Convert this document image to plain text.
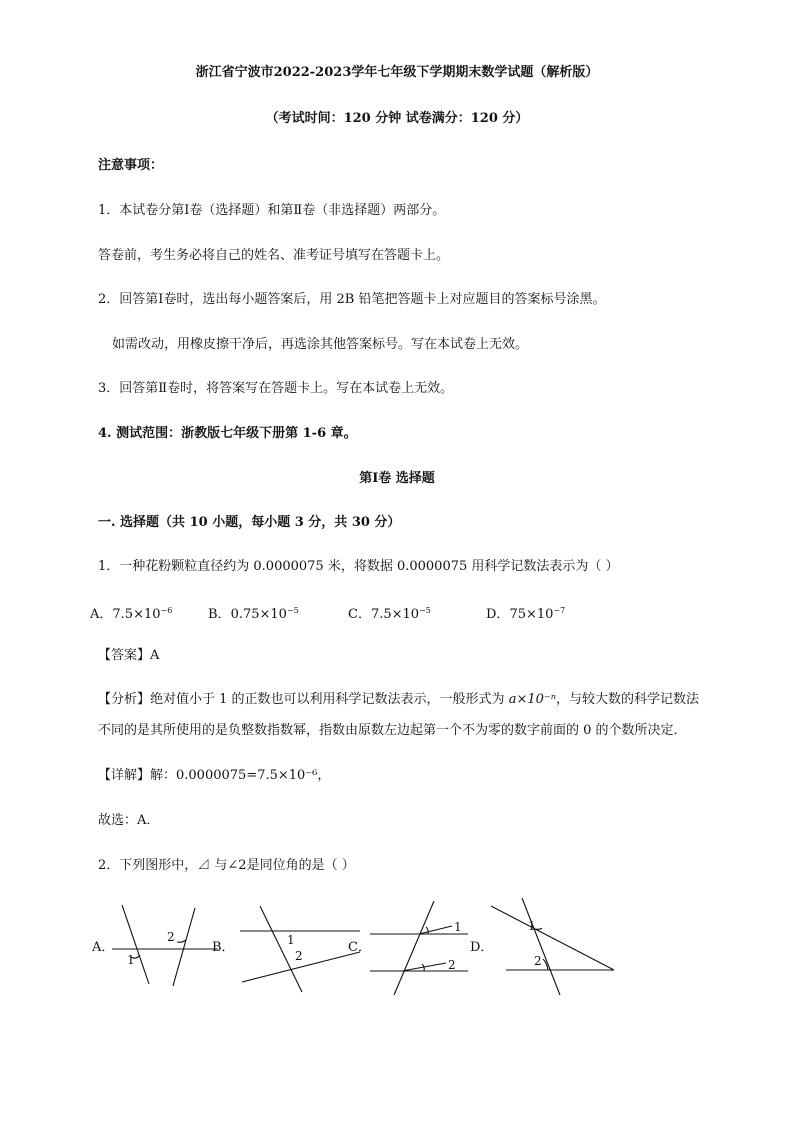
浙江省宁波市2022-2023学年七年级下学期期末数学试题（解析版）
（考试时间：120 分钟 试卷满分：120 分）
注意事项：
1．本试卷分第Ⅰ卷（选择题）和第Ⅱ卷（非选择题）两部分。
答卷前，考生务必将自己的姓名、准考证号填写在答题卡上。
2．回答第Ⅰ卷时，选出每小题答案后，用 2B 铅笔把答题卡上对应题目的答案标号涂黑。
如需改动，用橡皮擦干净后，再选涂其他答案标号。写在本试卷上无效。
3．回答第Ⅱ卷时，将答案写在答题卡上。写在本试卷上无效。
4. 测试范围：浙教版七年级下册第 1-6 章。
第Ⅰ卷 选择题
一. 选择题（共 10 小题，每小题 3 分，共 30 分）
1．一种花粉颗粒直径约为 0.0000075 米，将数据 0.0000075 用科学记数法表示为（ ）
A．$7.5\times 10^{-6}$	B．$0.75\times 10^{-5}$	C．$7.5\times 10^{-5}$	D．$75\times 10^{-7}$
【答案】A
【分析】绝对值小于 1 的正数也可以利用科学记数法表示，一般形式为 a×10⁻ⁿ，与较大数的科学记数法
不同的是其所使用的是负整数指数幂，指数由原数左边起第一个不为零的数字前面的 0 的个数所决定．
【详解】解：0.0000075=7.5×10⁻⁶，
故选：A．
2．下列图形中，⊿ 与∠2是同位角的是（ ）
A．
1
2
B．	1
2
C．
1
2
D．
1
2
